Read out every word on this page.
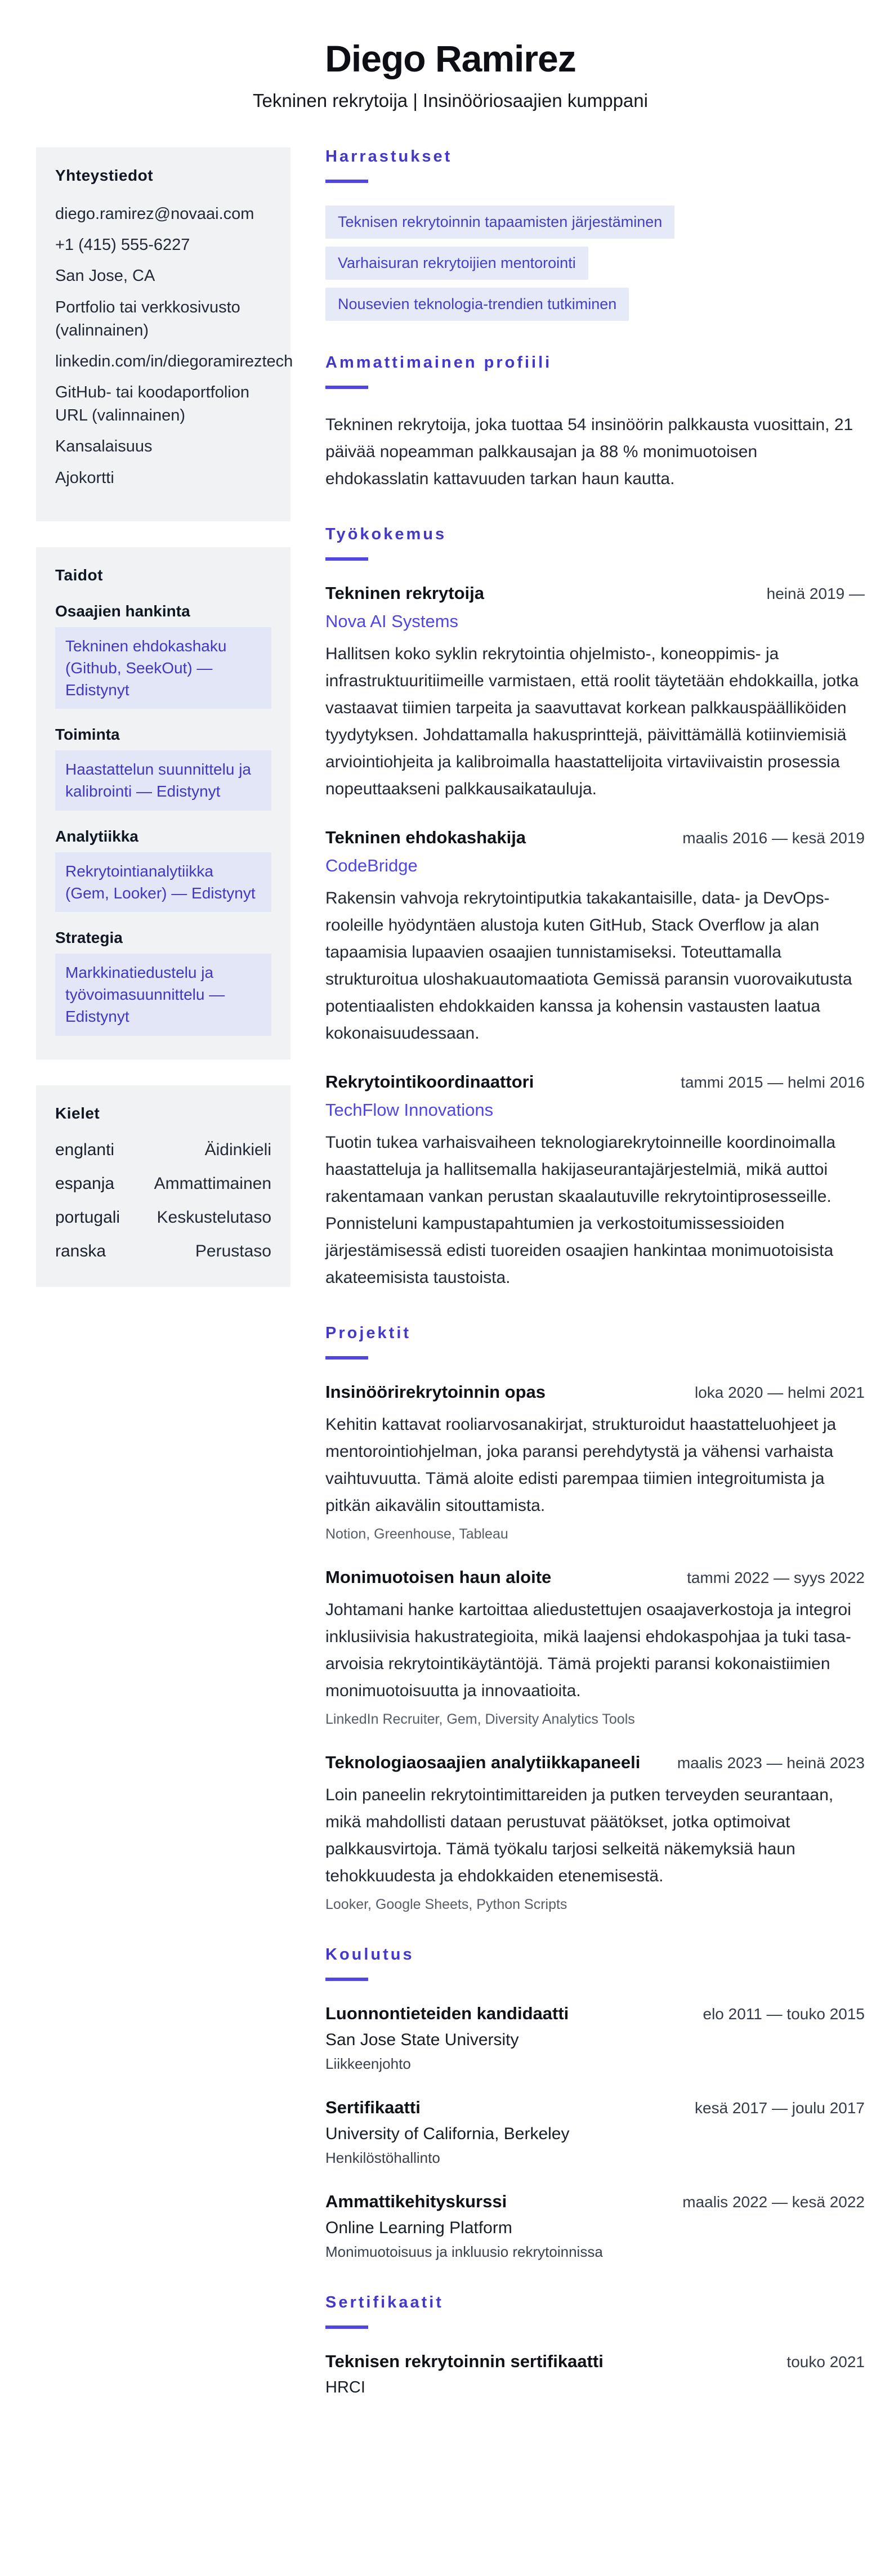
Diego Ramirez
Tekninen rekrytoija | Insinööriosaajien kumppani
Yhteystiedot
diego.ramirez@novaai.com
+1 (415) 555-6227
San Jose, CA
Portfolio tai verkkosivusto (valinnainen)
linkedin.com/in/diegoramireztech
GitHub- tai koodaportfolion URL (valinnainen)
Kansalaisuus
Ajokortti
Taidot
Osaajien hankinta
Tekninen ehdokashaku (Github, SeekOut) — Edistynyt
Toiminta
Haastattelun suunnittelu ja kalibrointi — Edistynyt
Analytiikka
Rekrytointianalytiikka (Gem, Looker) — Edistynyt
Strategia
Markkinatiedustelu ja työvoimasuunnittelu — Edistynyt
Kielet
englanti	Äidinkieli
espanja Ammattimainen
portugali Keskustelutaso
ranska	Perustaso
Harrastukset
Teknisen rekrytoinnin tapaamisten järjestäminen
Varhaisuran rekrytoijien mentorointi
Nousevien teknologia-trendien tutkiminen
Ammattimainen profiili
Tekninen rekrytoija, joka tuottaa 54 insinöörin palkkausta vuosittain, 21 päivää nopeamman palkkausajan ja 88 % monimuotoisen ehdokasslatin kattavuuden tarkan haun kautta.
Työkokemus
Tekninen rekrytoija	heinä 2019 —
Nova AI Systems
Hallitsen koko syklin rekrytointia ohjelmisto-, koneoppimis- ja infrastruktuuritiimeille varmistaen, että roolit täytetään ehdokkailla, jotka vastaavat tiimien tarpeita ja saavuttavat korkean palkkauspäälliköiden tyydytyksen. Johdattamalla hakusprinttejä, päivittämällä kotiinviemisiä arviointiohjeita ja kalibroimalla haastattelijoita virtaviivaistin prosessia nopeuttaakseni palkkausaikatauluja.
Tekninen ehdokashakija	maalis 2016 — kesä 2019
CodeBridge
Rakensin vahvoja rekrytointiputkia takakantaisille, data- ja DevOps-rooleille hyödyntäen alustoja kuten GitHub, Stack Overflow ja alan tapaamisia lupaavien osaajien tunnistamiseksi. Toteuttamalla strukturoitua uloshakuautomaatiota Gemissä paransin vuorovaikutusta potentiaalisten ehdokkaiden kanssa ja kohensin vastausten laatua kokonaisuudessaan.
Rekrytointikoordinaattori	tammi 2015 — helmi 2016
TechFlow Innovations
Tuotin tukea varhaisvaiheen teknologiarekrytoinneille koordinoimalla haastatteluja ja hallitsemalla hakijaseurantajärjestelmiä, mikä auttoi rakentamaan vankan perustan skaalautuville rekrytointiprosesseille. Ponnisteluni kampustapahtumien ja verkostoitumissessioiden järjestämisessä edisti tuoreiden osaajien hankintaa monimuotoisista akateemisista taustoista.
Projektit
Insinöörirekrytoinnin opas	loka 2020 — helmi 2021
Kehitin kattavat rooliarvosanakirjat, strukturoidut haastatteluohjeet ja mentorointiohjelman, joka paransi perehdytystä ja vähensi varhaista vaihtuvuutta. Tämä aloite edisti parempaa tiimien integroitumista ja pitkän aikavälin sitouttamista.
Notion, Greenhouse, Tableau
Monimuotoisen haun aloite	tammi 2022 — syys 2022
Johtamani hanke kartoittaa aliedustettujen osaajaverkostoja ja integroi inklusiivisia hakustrategioita, mikä laajensi ehdokaspohjaa ja tuki tasa-arvoisia rekrytointikäytäntöjä. Tämä projekti paransi kokonaistiimien monimuotoisuutta ja innovaatioita.
LinkedIn Recruiter, Gem, Diversity Analytics Tools
Teknologiaosaajien analytiikkapaneeli maalis 2023 — heinä 2023
Loin paneelin rekrytointimittareiden ja putken terveyden seurantaan, mikä mahdollisti dataan perustuvat päätökset, jotka optimoivat palkkausvirtoja. Tämä työkalu tarjosi selkeitä näkemyksiä haun tehokkuudesta ja ehdokkaiden etenemisestä.
Looker, Google Sheets, Python Scripts
Koulutus
Luonnontieteiden kandidaatti	elo 2011 — touko 2015
San Jose State University
Liikkeenjohto
Sertifikaatti	kesä 2017 — joulu 2017
University of California, Berkeley
Henkilöstöhallinto
Ammattikehityskurssi	maalis 2022 — kesä 2022
Online Learning Platform
Monimuotoisuus ja inkluusio rekrytoinnissa
Sertifikaatit
Teknisen rekrytoinnin sertifikaatti	touko 2021
HRCI
